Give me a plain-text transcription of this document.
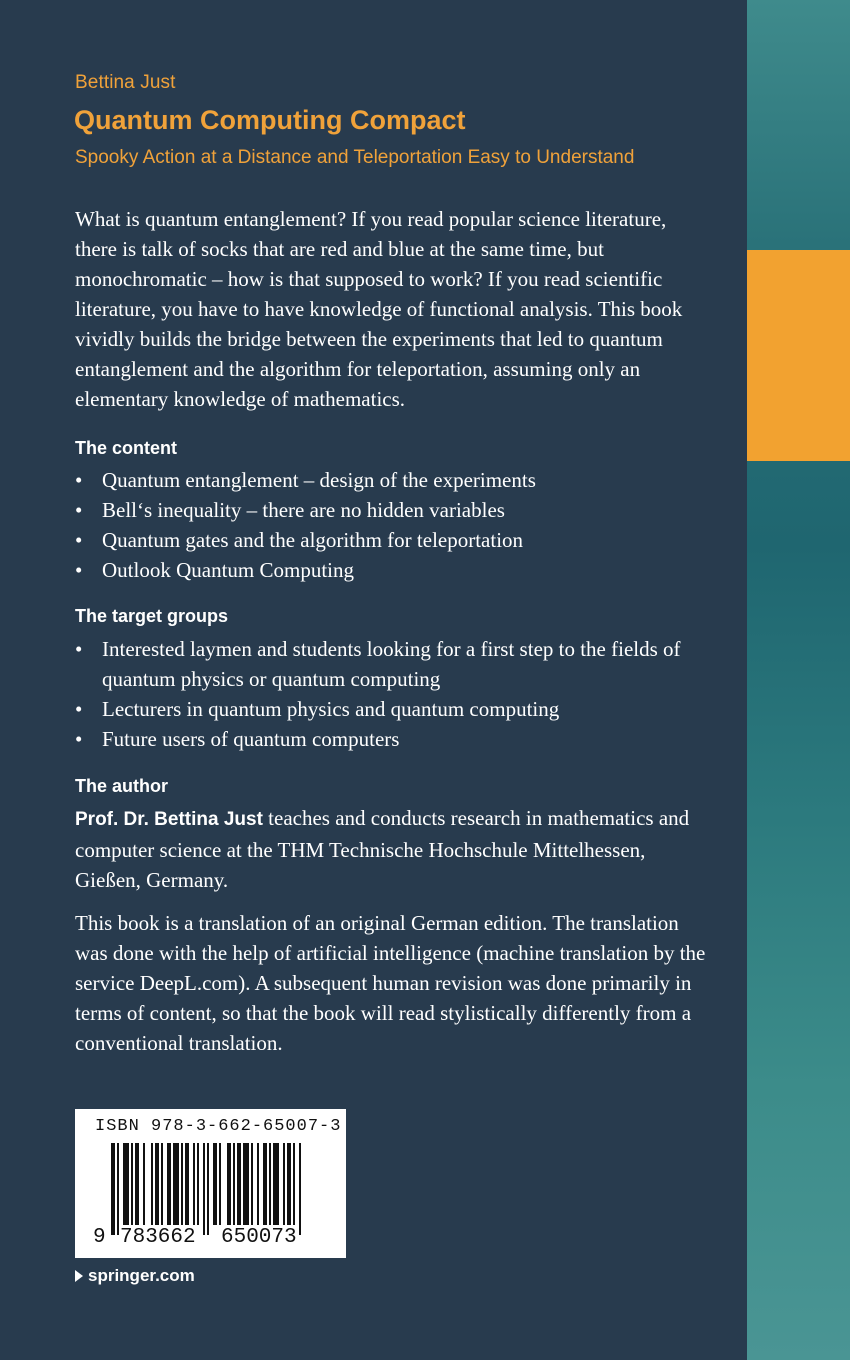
Bettina Just
Quantum Computing Compact
Spooky Action at a Distance and Teleportation Easy to Understand

What is quantum entanglement? If you read popular science literature, there is talk of socks that are red and blue at the same time, but monochromatic – how is that supposed to work? If you read scientific literature, you have to have knowledge of functional analysis. This book vividly builds the bridge between the experiments that led to quantum entanglement and the algorithm for teleportation, assuming only an elementary knowledge of mathematics.

The content
• Quantum entanglement – design of the experiments
• Bell‘s inequality – there are no hidden variables
• Quantum gates and the algorithm for teleportation
• Outlook Quantum Computing
The target groups
• Interested laymen and students looking for a first step to the fields of quantum physics or quantum computing
• Lecturers in quantum physics and quantum computing
• Future users of quantum computers
The author

Prof. Dr. Bettina Just teaches and conducts research in mathematics and computer science at the THM Technische Hochschule Mittelhessen, Gießen, Germany.

This book is a translation of an original German edition. The translation was done with the help of artificial intelligence (machine translation by the service DeepL.com). A subsequent human revision was done primarily in terms of content, so that the book will read stylistically differently from a conventional translation.

ISBN 978-3-662-65007-3
9 783662 650073
springer.com
